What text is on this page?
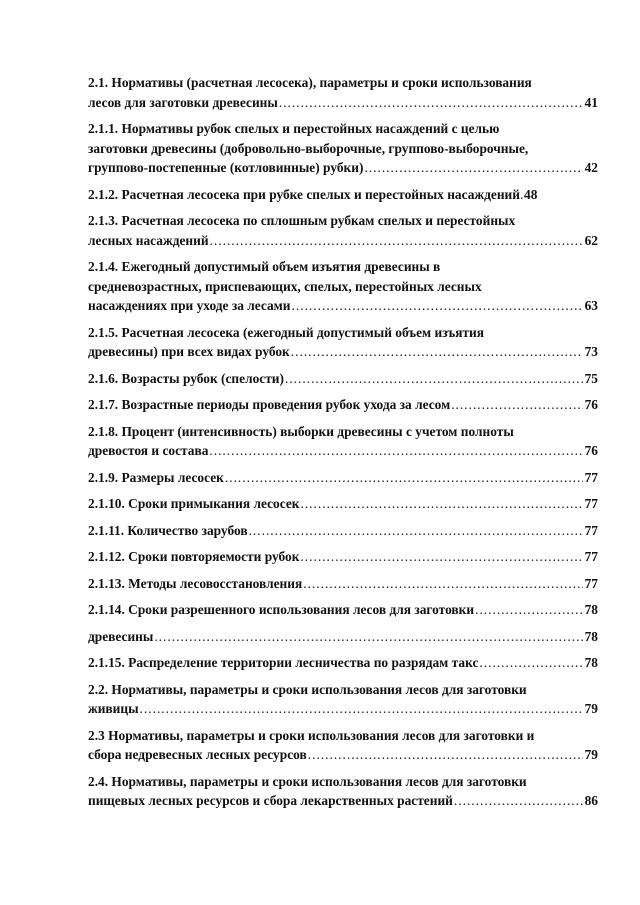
2.1. Нормативы (расчетная лесосека), параметры и сроки использования
лесов для заготовки древесины .....	41
2.1.1. Нормативы рубок спелых и перестойных насаждений с целью
заготовки древесины (добровольно-выборочные, группово-выборочные,
группово-постепенные (котловинные) рубки) .....	42
2.1.2. Расчетная лесосека при рубке спелых и перестойных насаждений ..... 48
2.1.3. Расчетная лесосека по сплошным рубкам спелых и перестойных
лесных насаждений .....	62
2.1.4. Ежегодный допустимый объем изъятия древесины в
средневозрастных, приспевающих, спелых, перестойных лесных
насаждениях при уходе за лесами .....	63
2.1.5. Расчетная лесосека (ежегодный допустимый объем изъятия
древесины) при всех видах рубок .....	73
2.1.6. Возрасты рубок (спелости) .....	75
2.1.7. Возрастные периоды проведения рубок ухода за лесом .....	76
2.1.8. Процент (интенсивность) выборки древесины с учетом полноты
древостоя и состава .....	76
2.1.9. Размеры лесосек .....	77
2.1.10. Сроки примыкания лесосек .....	77
2.1.11. Количество зарубов .....	77
2.1.12. Сроки повторяемости рубок .....	77
2.1.13. Методы лесовосстановления .....	77
2.1.14. Сроки разрешенного использования лесов для заготовки .....	78
древесины .....	78
2.1.15. Распределение территории лесничества по разрядам такс .....	78
2.2. Нормативы, параметры и сроки использования лесов для заготовки
живицы .....	79
2.3 Нормативы, параметры и сроки использования лесов для заготовки и
сбора недревесных лесных ресурсов .....	79
2.4. Нормативы, параметры и сроки использования лесов для заготовки
пищевых лесных ресурсов и сбора лекарственных растений .....	86
